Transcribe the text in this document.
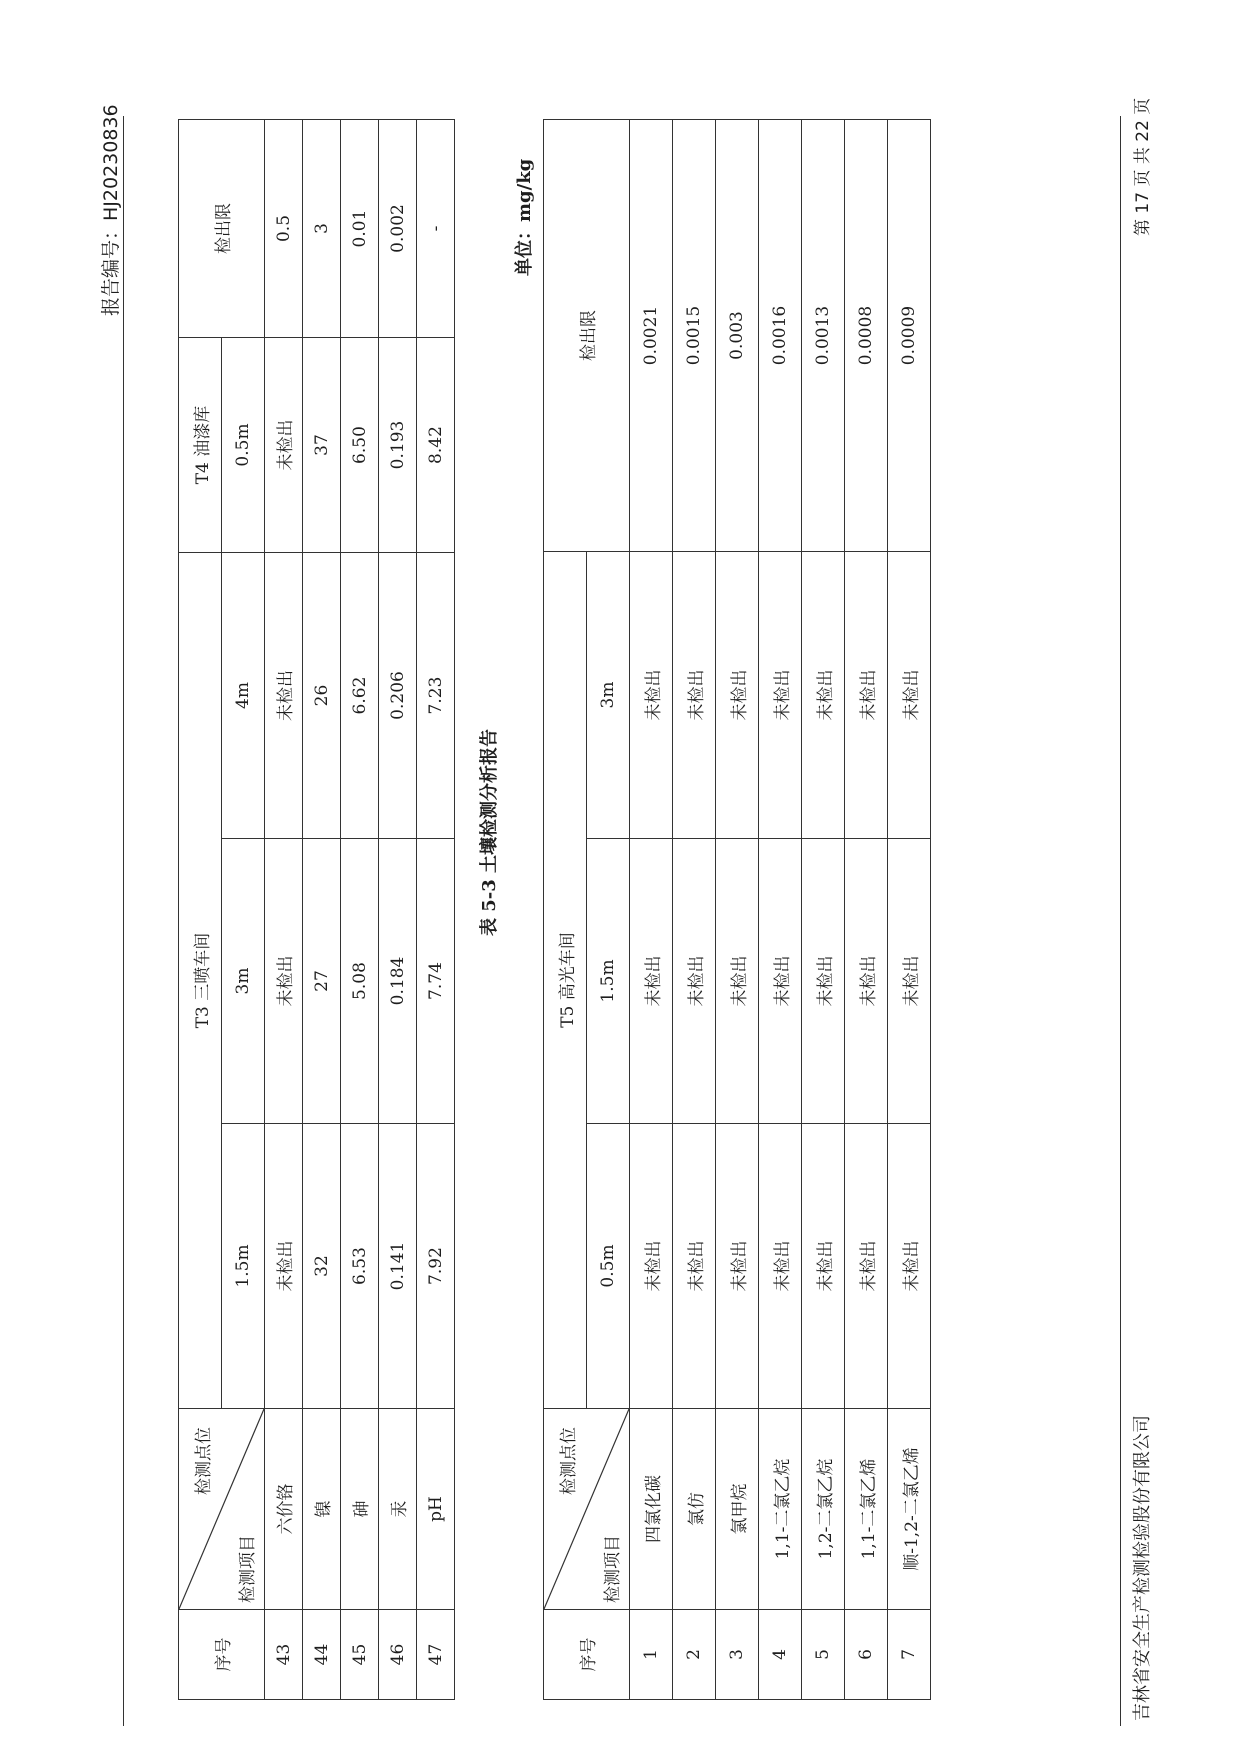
报告编号：HJ20230836
序号	检测点位
检测项目	T3 三喷车间			T4 油漆库	检出限
		1.5m	3m	4m	0.5m	
43	六价铬	未检出	未检出	未检出	未检出	0.5
44	镍	32	27	26	37	3
45	砷	6.53	5.08	6.62	6.50	0.01
46	汞	0.141	0.184	0.206	0.193	0.002
47	pH	7.92	7.74	7.23	8.42	-
表 5-3 土壤检测分析报告
单位：mg/kg
序号	检测点位
检测项目	T5 高光车间			检出限
		0.5m	1.5m	3m	
1	四氯化碳	未检出	未检出	未检出	0.0021
2	氯仿	未检出	未检出	未检出	0.0015
3	氯甲烷	未检出	未检出	未检出	0.003
4	1,1-二氯乙烷	未检出	未检出	未检出	0.0016
5	1,2-二氯乙烷	未检出	未检出	未检出	0.0013
6	1,1-二氯乙烯	未检出	未检出	未检出	0.0008
7	顺-1,2-二氯乙烯	未检出	未检出	未检出	0.0009
吉林省安全生产检测检验股份有限公司
第 17 页 共 22 页
